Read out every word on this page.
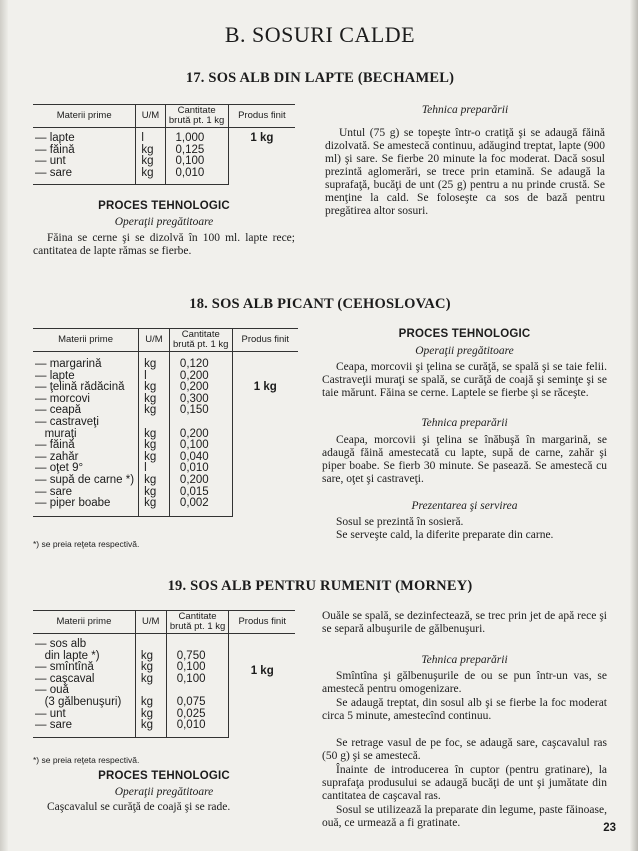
B. SOSURI CALDE
17. SOS ALB DIN LAPTE (BECHAMEL)
Materii prime	U/M	Cantitate brută pt. 1 kg	Produs finit
— lapte	l	1,000	1 kg
— făină	kg	0,125	
— unt	kg	0,100	
— sare	kg	0,010	
PROCES TEHNOLOGIC
Operaţii pregătitoare
Făina se cerne şi se dizolvă în 100 ml. lapte rece; cantitatea de lapte rămas se fierbe.
Tehnica preparării
Untul (75 g) se topeşte într-o cratiţă şi se adaugă făină dizolvată. Se amestecă continuu, adăugind treptat, lapte (900 ml) şi sare. Se fierbe 20 minute la foc moderat. Dacă sosul prezintă aglomerări, se trece prin etamină. Se adaugă la suprafaţă, bucăţi de unt (25 g) pentru a nu prinde crustă. Se menţine la cald. Se foloseşte ca sos de bază pentru pregătirea altor sosuri.
18. SOS ALB PICANT (CEHOSLOVAC)
Materii prime	U/M	Cantitate brută pt. 1 kg	Produs finit
— margarină	kg	0,120	1 kg
— lapte	l	0,200	
— ţelină rădăcină	kg	0,200	
— morcovi	kg	0,300	
— ceapă	kg	0,150	
— castraveţi			
muraţi	kg	0,200	
— făină	kg	0,100	
— zahăr	kg	0,040	
— oţet 9°	l	0,010	
— supă de carne *)	kg	0,200	
— sare	kg	0,015	
— piper boabe	kg	0,002	
*) se preia reţeta respectivă.
PROCES TEHNOLOGIC
Operaţii pregătitoare
Ceapa, morcovii şi ţelina se curăţă, se spală şi se taie felii. Castraveţii muraţi se spală, se curăţă de coajă şi seminţe şi se taie mărunt. Făina se cerne. Laptele se fierbe şi se răceşte.
Tehnica preparării
Ceapa, morcovii şi ţelina se înăbuşă în margarină, se adaugă făină amestecată cu lapte, supă de carne, zahăr şi piper boabe. Se fierb 30 minute. Se pasează. Se amestecă cu sare, oţet şi castraveţi.
Prezentarea şi servirea
Sosul se prezintă în sosieră.
Se serveşte cald, la diferite preparate din carne.
19. SOS ALB PENTRU RUMENIT (MORNEY)
Materii prime	U/M	Cantitate brută pt. 1 kg	Produs finit
— sos alb			1 kg
din lapte *)	kg	0,750	
— smîntînă	kg	0,100	
— caşcaval	kg	0,100	
— ouă			
(3 gălbenuşuri)	kg	0,075	
— unt	kg	0,025	
— sare	kg	0,010	
*) se preia reţeta respectivă.
PROCES TEHNOLOGIC
Operaţii pregătitoare
Caşcavalul se curăţă de coajă şi se rade.
Ouăle se spală, se dezinfectează, se trec prin jet de apă rece şi se separă albuşurile de gălbenuşuri.
Tehnica preparării
Smîntîna şi gălbenuşurile de ou se pun într-un vas, se amestecă pentru omogenizare.
Se adaugă treptat, din sosul alb şi se fierbe la foc moderat circa 5 minute, amestecînd continuu.
Se retrage vasul de pe foc, se adaugă sare, caşcavalul ras (50 g) şi se amestecă.
Înainte de introducerea în cuptor (pentru gratinare), la suprafaţa produsului se adaugă bucăţi de unt şi jumătate din cantitatea de caşcaval ras.
Sosul se utilizează la preparate din legume, paste făinoase, ouă, ce urmează a fi gratinate.	23
